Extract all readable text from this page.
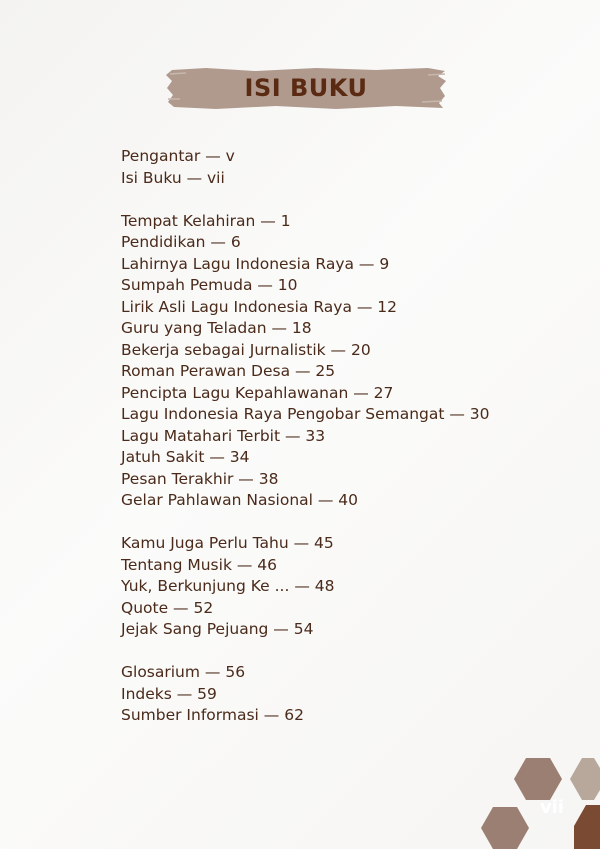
ISI BUKU
Pengantar — v
Isi Buku — vii
Tempat Kelahiran — 1
Pendidikan — 6
Lahirnya Lagu Indonesia Raya — 9
Sumpah Pemuda — 10
Lirik Asli Lagu Indonesia Raya — 12
Guru yang Teladan — 18
Bekerja sebagai Jurnalistik — 20
Roman Perawan Desa — 25
Pencipta Lagu Kepahlawanan — 27
Lagu Indonesia Raya Pengobar Semangat — 30
Lagu Matahari Terbit — 33
Jatuh Sakit — 34
Pesan Terakhir — 38
Gelar Pahlawan Nasional — 40
Kamu Juga Perlu Tahu — 45
Tentang Musik — 46
Yuk, Berkunjung Ke ... — 48
Quote — 52
Jejak Sang Pejuang — 54
Glosarium — 56
Indeks — 59
Sumber Informasi — 62
vii
